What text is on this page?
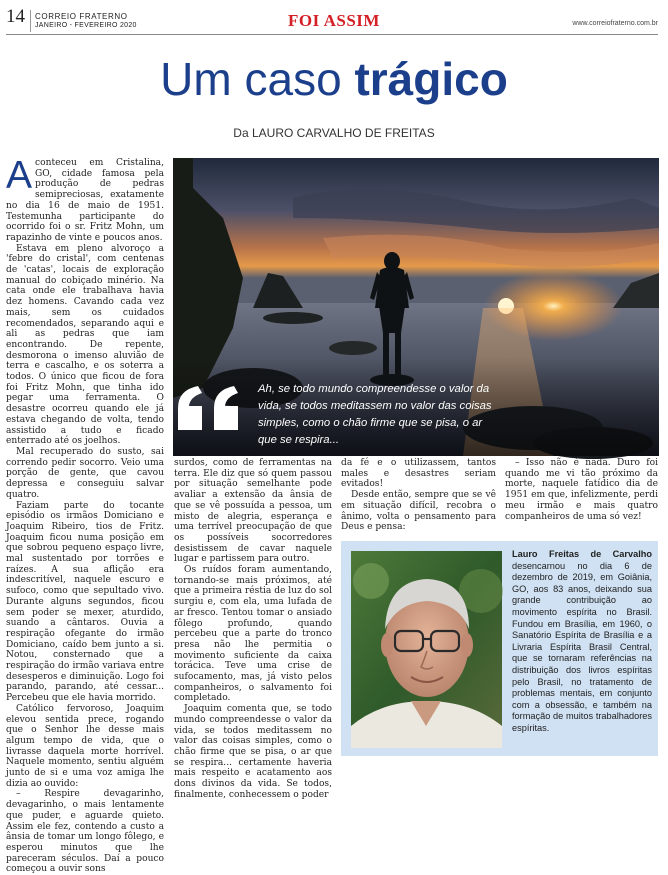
14 CORREIO FRATERNO
JANEIRO - FEVEREIRO 2020	FOI ASSIM	www.correiofraterno.com.br
Um caso trágico
Da LAURO CARVALHO DE FREITAS

Aconteceu em Cristalina, GO, cidade famosa pela produção de pedras semipreciosas, exatamente no dia 16 de maio de 1951. Testemunha participante do ocorrido foi o sr. Fritz Mohn, um rapazinho de vinte e poucos anos.

Estava em pleno alvoroço a 'febre do cristal', com centenas de 'catas', locais de exploração manual do cobiçado minério. Na cata onde ele trabalhava havia dez homens. Cavando cada vez mais, sem os cuidados recomendados, separando aqui e ali as pedras que iam encontrando. De repente, desmorona o imenso aluvião de terra e cascalho, e os soterra a todos. O único que ficou de fora foi Fritz Mohn, que tinha ido pegar uma ferramenta. O desastre ocorreu quando ele já estava chegando de volta, tendo assistido a tudo e ficado enterrado até os joelhos.

Mal recuperado do susto, sai correndo pedir socorro. Veio uma porção de gente, que cavou depressa e conseguiu salvar quatro.

Faziam parte do tocante episódio os irmãos Domiciano e Joaquim Ribeiro, tios de Fritz. Joaquim ficou numa posição em que sobrou pequeno espaço livre, mal sustentado por torrões e raízes. A sua aflição era indescritível, naquele escuro e sufoco, como que sepultado vivo. Durante alguns segundos, ficou sem poder se mexer, aturdido, suando a cântaros. Ouvia a respiração ofegante do irmão Domiciano, caído bem junto a si. Notou, consternado que a respiração do irmão variava entre desesperos e diminuição. Logo foi parando, parando, até cessar... Percebeu que ele havia morrido.

Católico fervoroso, Joaquim elevou sentida prece, rogando que o Senhor lhe desse mais algum tempo de vida, que o livrasse daquela morte horrível. Naquele momento, sentiu alguém junto de si e uma voz amiga lhe dizia ao ouvido:

– Respire devagarinho, devagarinho, o mais lentamente que puder, e aguarde quieto. Assim ele fez, contendo a custo a ânsia de tomar um longo fôlego, e esperou minutos que lhe pareceram séculos. Daí a pouco começou a ouvir sons

Ah, se todo mundo compreendesse o valor da vida, se todos meditassem no valor das coisas simples, como o chão firme que se pisa, o ar que se respira...

surdos, como de ferramentas na terra. Ele diz que só quem passou por situação semelhante pode avaliar a extensão da ânsia de que se vê possuída a pessoa, um misto de alegria, esperança e uma terrível preocupação de que os possíveis socorredores desistissem de cavar naquele lugar e partissem para outro.

Os ruídos foram aumentando, tornando-se mais próximos, até que a primeira réstia de luz do sol surgiu e, com ela, uma lufada de ar fresco. Tentou tomar o ansiado fôlego profundo, quando percebeu que a parte do tronco presa não lhe permitia o movimento suficiente da caixa torácica. Teve uma crise de sufocamento, mas, já visto pelos companheiros, o salvamento foi completado.

Joaquim comenta que, se todo mundo compreendesse o valor da vida, se todos meditassem no valor das coisas simples, como o chão firme que se pisa, o ar que se respira... certamente haveria mais respeito e acatamento aos dons divinos da vida. Se todos, finalmente, conhecessem o poder

da fé e o utilizassem, tantos males e desastres seriam evitados!

Desde então, sempre que se vê em situação difícil, recobra o ânimo, volta o pensamento para Deus e pensa:

– Isso não é nada. Duro foi quando me vi tão próximo da morte, naquele fatídico dia de 1951 em que, infelizmente, perdi meu irmão e mais quatro companheiros de uma só vez!

Lauro Freitas de Carvalho desencarnou no dia 6 de dezembro de 2019, em Goiânia, GO, aos 83 anos, deixando sua grande contribuição ao movimento espírita no Brasil. Fundou em Brasília, em 1960, o Sanatório Espírita de Brasília e a Livraria Espírita Brasil Central, que se tornaram referências na distribuição dos livros espíritas pelo Brasil, no tratamento de problemas mentais, em conjunto com a obsessão, e também na formação de muitos trabalhadores espíritas.
